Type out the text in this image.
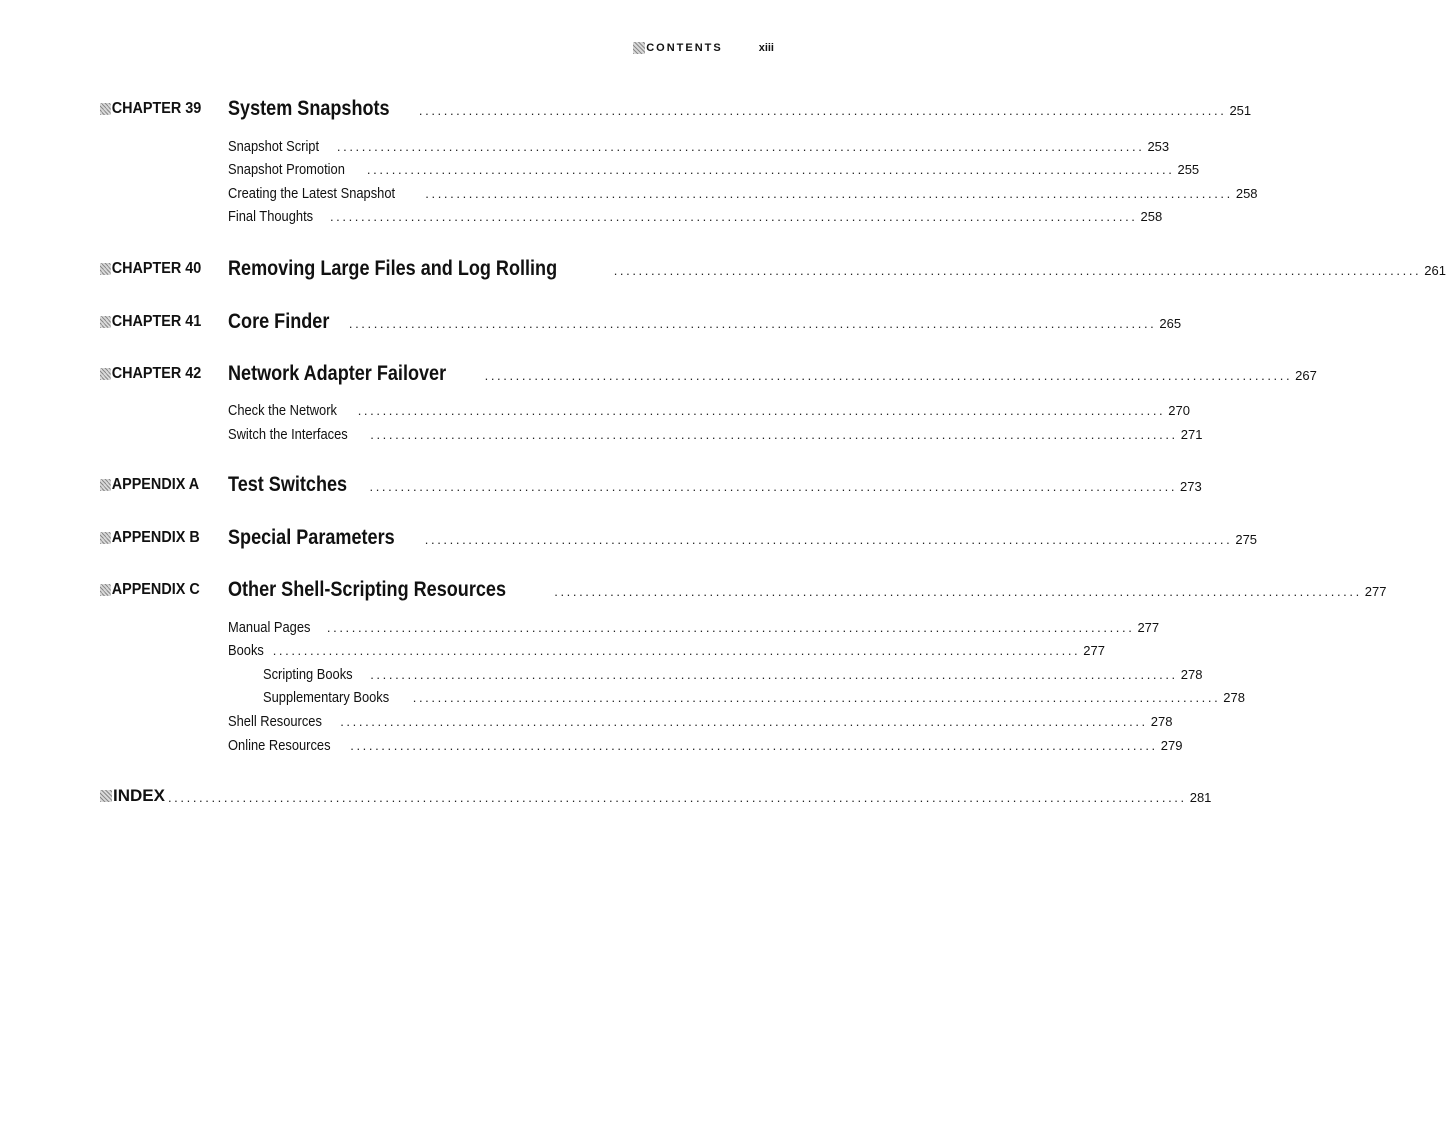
CONTENTS	xiii
CHAPTER 39 System Snapshots .................................................................................................................................. 251
Snapshot Script .................................................................................................................................. 253
Snapshot Promotion .................................................................................................................................. 255
Creating the Latest Snapshot .................................................................................................................................. 258
Final Thoughts .................................................................................................................................. 258
CHAPTER 40 Removing Large Files and Log Rolling	.................................................................................................................................. 261
CHAPTER 41 Core Finder .................................................................................................................................. 265
CHAPTER 42 Network Adapter Failover	.................................................................................................................................. 267
Check the Network .................................................................................................................................. 270
Switch the Interfaces .................................................................................................................................. 271
APPENDIX A Test Switches .................................................................................................................................. 273
APPENDIX B Special Parameters .................................................................................................................................. 275
APPENDIX C Other Shell-Scripting Resources	.................................................................................................................................. 277
Manual Pages .................................................................................................................................. 277
Books .................................................................................................................................. 277
Scripting Books .................................................................................................................................. 278
Supplementary Books .................................................................................................................................. 278
Shell Resources .................................................................................................................................. 278
Online Resources .................................................................................................................................. 279
INDEX .................................................................................................................................................................... 281
